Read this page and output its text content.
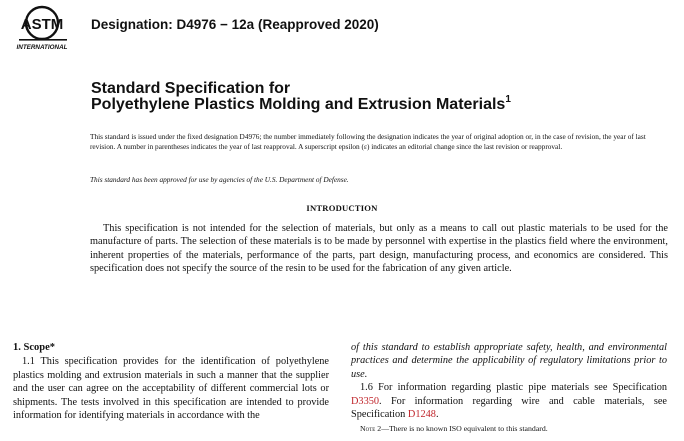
ASTM
INTERNATIONAL
Designation: D4976 − 12a (Reapproved 2020)
Standard Specification for
Polyethylene Plastics Molding and Extrusion Materials$^1$
This standard is issued under the fixed designation D4976; the number immediately following the designation indicates the year of original adoption or, in the case of revision, the year of last revision. A number in parentheses indicates the year of last reapproval. A superscript epsilon (ε) indicates an editorial change since the last revision or reapproval.
This standard has been approved for use by agencies of the U.S. Department of Defense.
INTRODUCTION
This specification is not intended for the selection of materials, but only as a means to call out plastic materials to be used for the manufacture of parts. The selection of these materials is to be made by personnel with expertise in the plastics field where the environment, inherent properties of the materials, performance of the parts, part design, manufacturing process, and economics are considered. This specification does not specify the source of the resin to be used for the fabrication of any given article.
1. Scope*

1.1 This specification provides for the identification of polyethylene plastics molding and extrusion materials in such a manner that the supplier and the user can agree on the acceptability of different commercial lots or shipments. The tests involved in this specification are intended to provide information for identifying materials in accordance with the

of this standard to establish appropriate safety, health, and environmental practices and determine the applicability of regulatory limitations prior to use.

1.6 For information regarding plastic pipe materials see Specification D3350. For information regarding wire and cable materials, see Specification D1248.

Note 2—There is no known ISO equivalent to this standard.
